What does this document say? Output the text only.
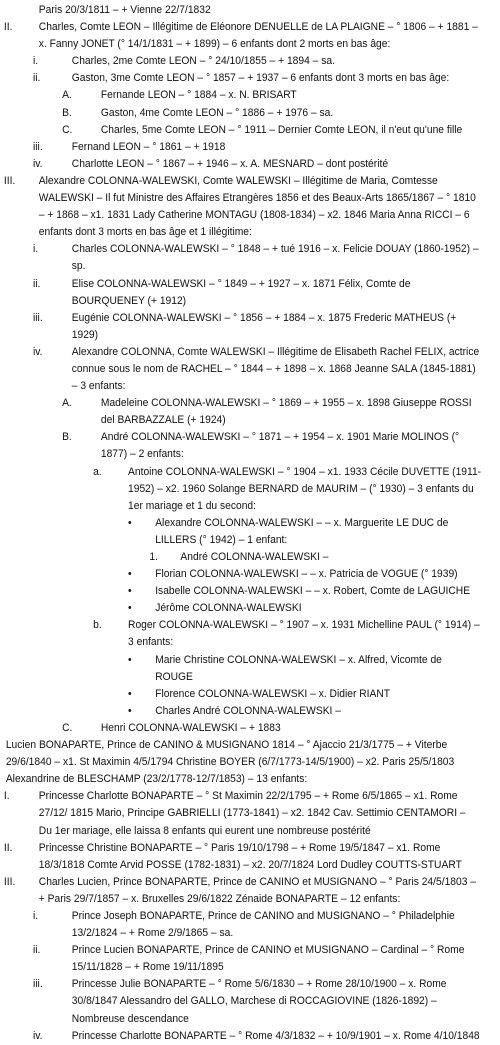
Paris 20/3/1811 – + Vienne 22/7/1832

II. Charles, Comte LEON – Illégitime de Eléonore DENUELLE de LA PLAIGNE – ° 1806 – + 1881 – x. Fanny JONET (° 14/1/1831 – + 1899) – 6 enfants dont 2 morts en bas âge:

i.	Charles, 2me Comte LEON – ° 24/10/1855 – + 1894 – sa.

ii.	Gaston, 3me Comte LEON – ° 1857 – + 1937 – 6 enfants dont 3 morts en bas âge:

A.	Fernande LEON – ° 1884 – x. N. BRISART

B.	Gaston, 4me Comte LEON – ° 1886 – + 1976 – sa.

C.	Charles, 5me Comte LEON – ° 1911 – Dernier Comte LEON, il n'eut qu'une fille

iii.	Fernand LEON – ° 1861 – + 1918

iv.	Charlotte LEON – ° 1867 – + 1946 – x. A. MESNARD – dont postérité

III. Alexandre COLONNA-WALEWSKI, Comte WALEWSKI – Illégitime de Maria, Comtesse WALEWSKI – Il fut Ministre des Affaires Etrangères 1856 et des Beaux-Arts 1865/1867 – ° 1810 – + 1868 – x1. 1831 Lady Catherine MONTAGU (1808-1834) – x2. 1846 Maria Anna RICCI – 6 enfants dont 3 morts en bas âge et 1 illégitime:

i.	Charles COLONNA-WALEWSKI – ° 1848 – + tué 1916 – x. Felicie DOUAY (1860-1952) – sp.

ii.	Elise COLONNA-WALEWSKI – ° 1849 – + 1927 – x. 1871 Félix, Comte de BOURQUENEY (+ 1912)

iii.	Eugénie COLONNA-WALEWSKI – ° 1856 – + 1884 – x. 1875 Frederic MATHEUS (+ 1929)

iv.	Alexandre COLONNA, Comte WALEWSKI – Illégitime de Elisabeth Rachel FELIX, actrice connue sous le nom de RACHEL – ° 1844 – + 1898 – x. 1868 Jeanne SALA (1845-1881) – 3 enfants:

A.	Madeleine COLONNA-WALEWSKI – ° 1869 – + 1955 – x. 1898 Giuseppe ROSSI del BARBAZZALE (+ 1924)

B.	André COLONNA-WALEWSKI – ° 1871 – + 1954 – x. 1901 Marie MOLINOS (° 1877) – 2 enfants:

a. Antoine COLONNA-WALEWSKI – ° 1904 – x1. 1933 Cécile DUVETTE (1911-1952) – x2. 1960 Solange BERNARD de MAURIM – (° 1930) – 3 enfants du 1er mariage et 1 du second:

• Alexandre COLONNA-WALEWSKI – – x. Marguerite LE DUC de LILLERS (° 1942) – 1 enfant:

1. André COLONNA-WALEWSKI –

• Florian COLONNA-WALEWSKI – – x. Patricia de VOGUE (° 1939)

• Isabelle COLONNA-WALEWSKI – – x. Robert, Comte de LAGUICHE

• Jérôme COLONNA-WALEWSKI

b. Roger COLONNA-WALEWSKI – ° 1907 – x. 1931 Michelline PAUL (° 1914) – 3 enfants:

• Marie Christine COLONNA-WALEWSKI – x. Alfred, Vicomte de ROUGE

• Florence COLONNA-WALEWSKI – x. Didier RIANT

• Charles André COLONNA-WALEWSKI –

C.	Henri COLONNA-WALEWSKI – + 1883

Lucien BONAPARTE, Prince de CANINO & MUSIGNANO 1814 – ° Ajaccio 21/3/1775 – + Viterbe 29/6/1840 – x1. St Maximin 4/5/1794 Christine BOYER (6/7/1773-14/5/1900) – x2. Paris 25/5/1803 Alexandrine de BLESCHAMP (23/2/1778-12/7/1853) – 13 enfants:

I.	Princesse Charlotte BONAPARTE – ° St Maximin 22/2/1795 – + Rome 6/5/1865 – x1. Rome 27/12/ 1815 Mario, Principe GABRIELLI (1773-1841) – x2. 1842 Cav. Settimio CENTAMORI – Du 1er mariage, elle laissa 8 enfants qui eurent une nombreuse postérité

II. Princesse Christine BONAPARTE – ° Paris 19/10/1798 – + Rome 19/5/1847 – x1. Rome 18/3/1818 Comte Arvid POSSE (1782-1831) – x2. 20/7/1824 Lord Dudley COUTTS-STUART

III. Charles Lucien, Prince BONAPARTE, Prince de CANINO et MUSIGNANO – ° Paris 24/5/1803 – + Paris 29/7/1857 – x. Bruxelles 29/6/1822 Zénaide BONAPARTE – 12 enfants:

i.	Prince Joseph BONAPARTE, Prince de CANINO and MUSIGNANO – ° Philadelphie 13/2/1824 – + Rome 2/9/1865 – sa.

ii.	Prince Lucien BONAPARTE, Prince de CANINO et MUSIGNANO – Cardinal – ° Rome 15/11/1828 – + Rome 19/11/1895

iii.	Princesse Julie BONAPARTE – ° Rome 5/6/1830 – + Rome 28/10/1900 – x. Rome 30/8/1847 Alessandro del GALLO, Marchese di ROCCAGIOVINE (1826-1892) – Nombreuse descendance

iv.	Princesse Charlotte BONAPARTE – ° Rome 4/3/1832 – + 10/9/1901 – x. Rome 4/10/1848
